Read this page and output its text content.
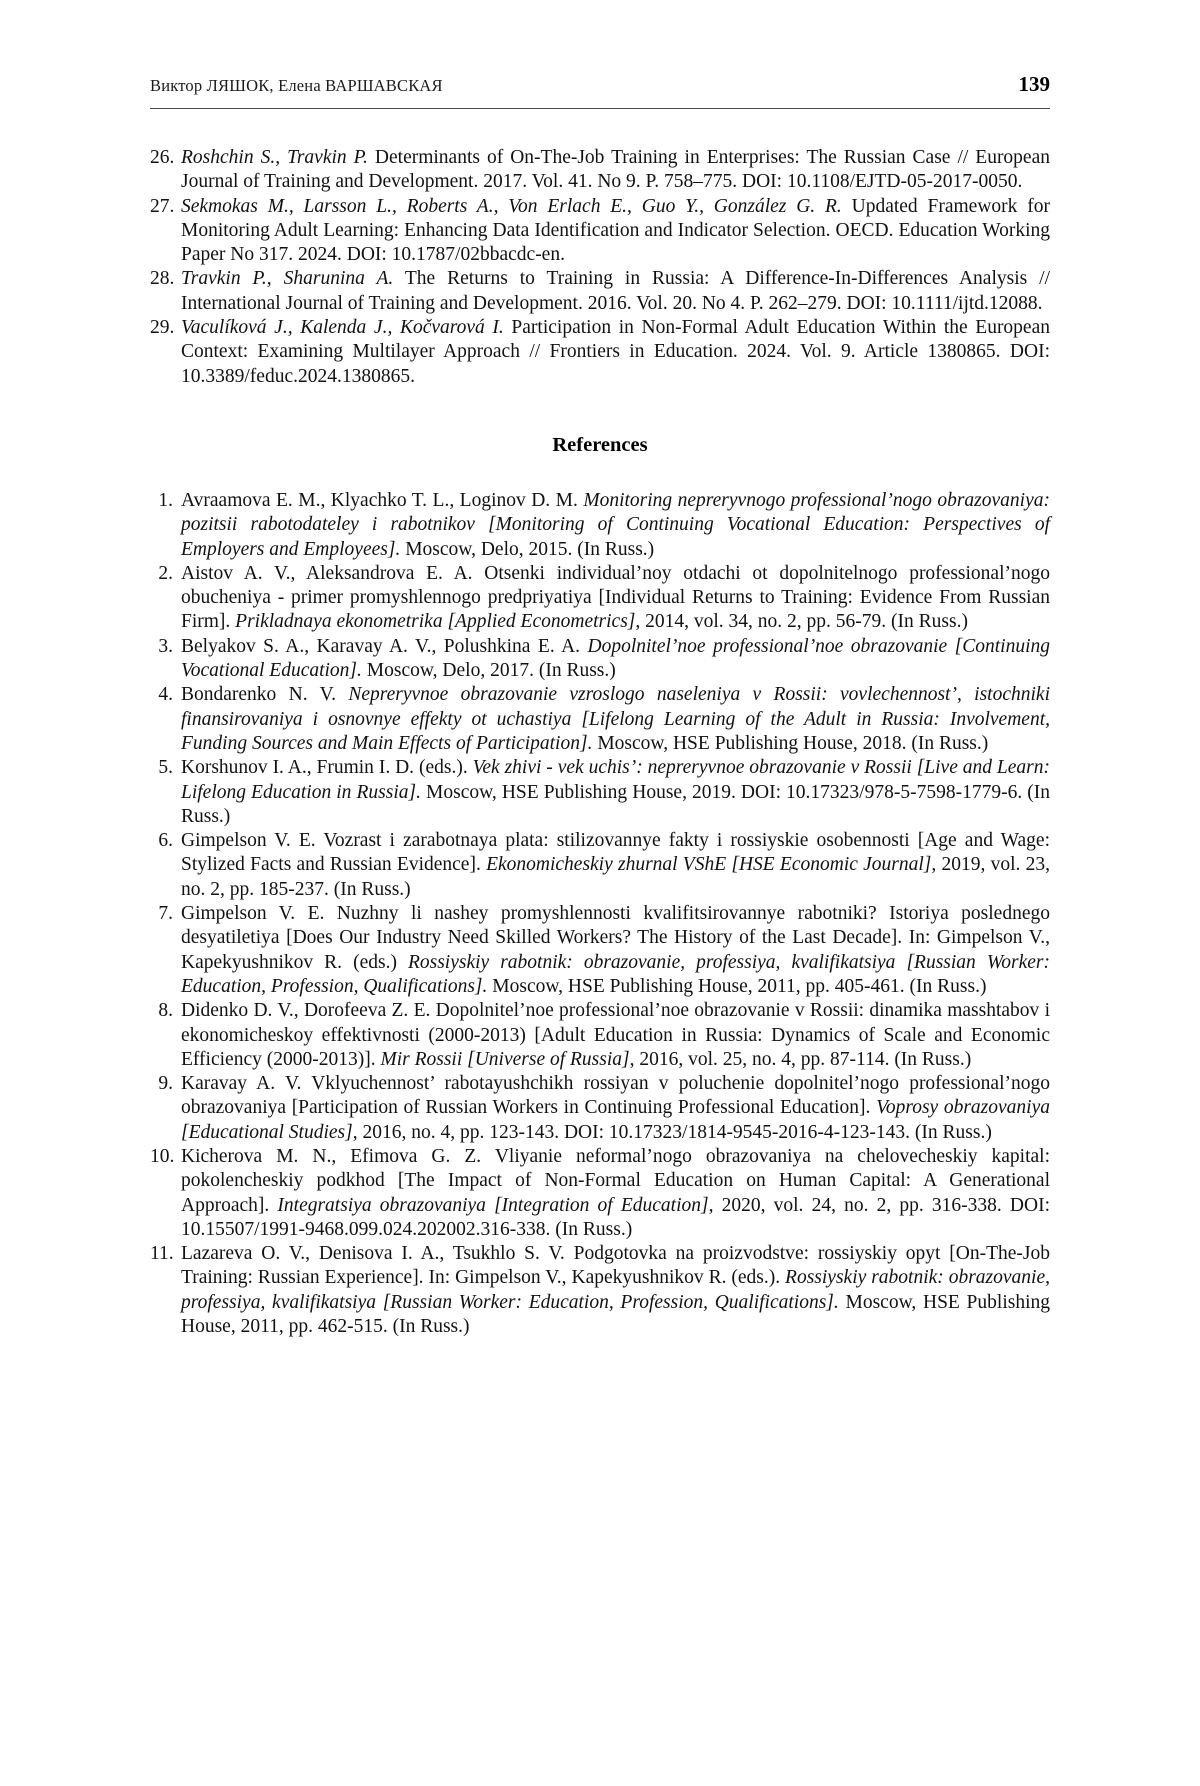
Виктор ЛЯШОК, Елена ВАРШАВСКАЯ	139
26. Roshchin S., Travkin P. Determinants of On-The-Job Training in Enterprises: The Russian Case // European Journal of Training and Development. 2017. Vol. 41. No 9. P. 758–775. DOI: 10.1108/EJTD-05-2017-0050.
27. Sekmokas M., Larsson L., Roberts A., Von Erlach E., Guo Y., González G. R. Updated Framework for Monitoring Adult Learning: Enhancing Data Identification and Indicator Selection. OECD. Education Working Paper No 317. 2024. DOI: 10.1787/02bbacdc-en.
28. Travkin P., Sharunina A. The Returns to Training in Russia: A Difference-In-Differences Analysis // International Journal of Training and Development. 2016. Vol. 20. No 4. P. 262–279. DOI: 10.1111/ijtd.12088.
29. Vaculíková J., Kalenda J., Kočvarová I. Participation in Non-Formal Adult Education Within the European Context: Examining Multilayer Approach // Frontiers in Education. 2024. Vol. 9. Article 1380865. DOI: 10.3389/feduc.2024.1380865.
References
1. Avraamova E. M., Klyachko T. L., Loginov D. M. Monitoring nepreryvnogo professional’nogo obrazovaniya: pozitsii rabotodateley i rabotnikov [Monitoring of Continuing Vocational Education: Perspectives of Employers and Employees]. Moscow, Delo, 2015. (In Russ.)
2. Aistov A. V., Aleksandrova E. A. Otsenki individual’noy otdachi ot dopolnitelnogo professional’nogo obucheniya - primer promyshlennogo predpriyatiya [Individual Returns to Training: Evidence From Russian Firm]. Prikladnaya ekonometrika [Applied Econometrics], 2014, vol. 34, no. 2, pp. 56-79. (In Russ.)
3. Belyakov S. A., Karavay A. V., Polushkina E. A. Dopolnitel’noe professional’noe obrazovanie [Continuing Vocational Education]. Moscow, Delo, 2017. (In Russ.)
4. Bondarenko N. V. Nepreryvnoe obrazovanie vzroslogo naseleniya v Rossii: vovlechennost’, istochniki finansirovaniya i osnovnye effekty ot uchastiya [Lifelong Learning of the Adult in Russia: Involvement, Funding Sources and Main Effects of Participation]. Moscow, HSE Publishing House, 2018. (In Russ.)
5. Korshunov I. A., Frumin I. D. (eds.). Vek zhivi - vek uchis’: nepreryvnoe obrazovanie v Rossii [Live and Learn: Lifelong Education in Russia]. Moscow, HSE Publishing House, 2019. DOI: 10.17323/978-5-7598-1779-6. (In Russ.)
6. Gimpelson V. E. Vozrast i zarabotnaya plata: stilizovannye fakty i rossiyskie osobennosti [Age and Wage: Stylized Facts and Russian Evidence]. Ekonomicheskiy zhurnal VShE [HSE Economic Journal], 2019, vol. 23, no. 2, pp. 185-237. (In Russ.)
7. Gimpelson V. E. Nuzhny li nashey promyshlennosti kvalifitsirovannye rabotniki? Istoriya poslednego desyatiletiya [Does Our Industry Need Skilled Workers? The History of the Last Decade]. In: Gimpelson V., Kapekyushnikov R. (eds.) Rossiyskiy rabotnik: obrazovanie, professiya, kvalifikatsiya [Russian Worker: Education, Profession, Qualifications]. Moscow, HSE Publishing House, 2011, pp. 405-461. (In Russ.)
8. Didenko D. V., Dorofeeva Z. E. Dopolnitel’noe professional’noe obrazovanie v Rossii: dinamika masshtabov i ekonomicheskoy effektivnosti (2000-2013) [Adult Education in Russia: Dynamics of Scale and Economic Efficiency (2000-2013)]. Mir Rossii [Universe of Russia], 2016, vol. 25, no. 4, pp. 87-114. (In Russ.)
9. Karavay A. V. Vklyuchennost’ rabotayushchikh rossiyan v poluchenie dopolnitel’nogo professional’nogo obrazovaniya [Participation of Russian Workers in Continuing Professional Education]. Voprosy obrazovaniya [Educational Studies], 2016, no. 4, pp. 123-143. DOI: 10.17323/1814-9545-2016-4-123-143. (In Russ.)
10. Kicherova M. N., Efimova G. Z. Vliyanie neformal’nogo obrazovaniya na chelovecheskiy kapital: pokolencheskiy podkhod [The Impact of Non-Formal Education on Human Capital: A Generational Approach]. Integratsiya obrazovaniya [Integration of Education], 2020, vol. 24, no. 2, pp. 316-338. DOI: 10.15507/1991-9468.099.024.202002.316-338. (In Russ.)
11. Lazareva O. V., Denisova I. A., Tsukhlo S. V. Podgotovka na proizvodstve: rossiyskiy opyt [On-The-Job Training: Russian Experience]. In: Gimpelson V., Kapekyushnikov R. (eds.). Rossiyskiy rabotnik: obrazovanie, professiya, kvalifikatsiya [Russian Worker: Education, Profession, Qualifications]. Moscow, HSE Publishing House, 2011, pp. 462-515. (In Russ.)
